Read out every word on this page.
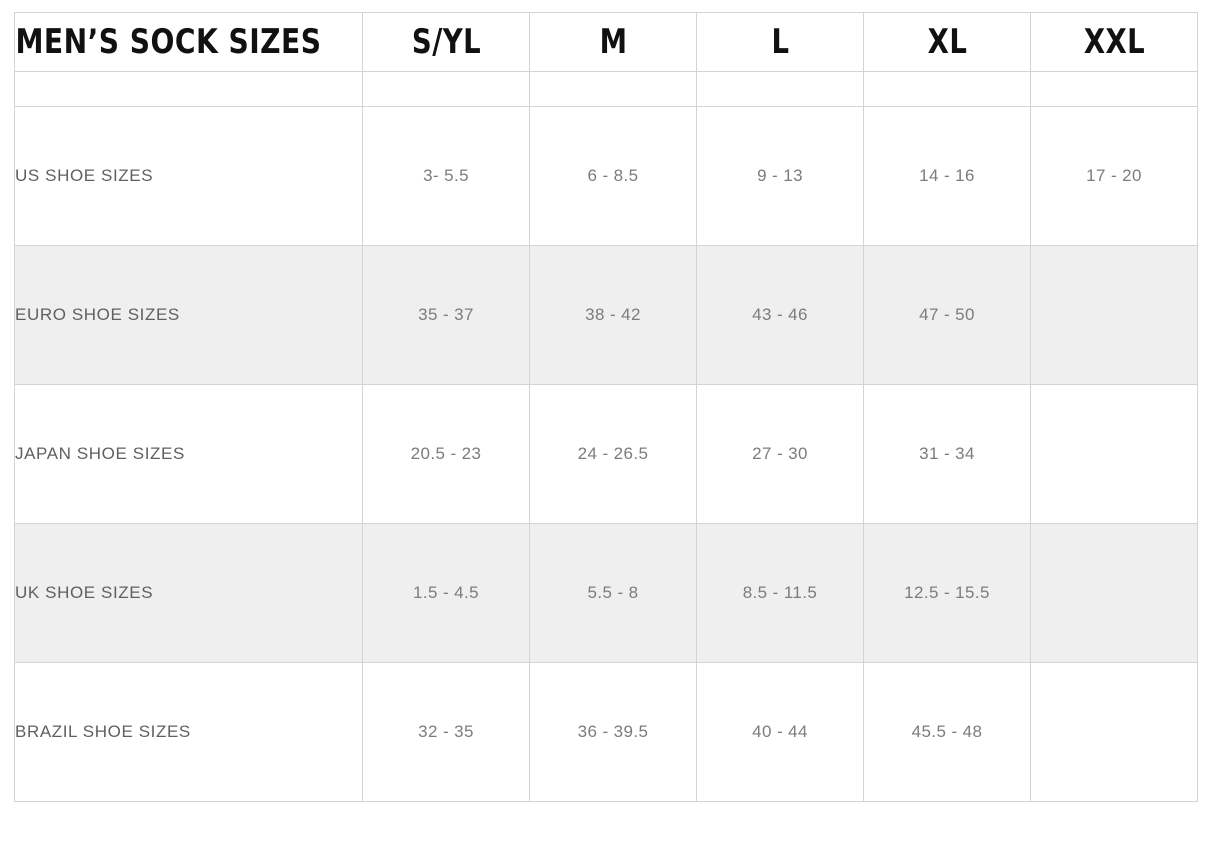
MEN’S SOCK SIZES	S/YL	M	L	XL	XXL

US SHOE SIZES	3- 5.5	6 - 8.5	9 - 13	14 - 16	17 - 20
EURO SHOE SIZES	35 - 37	38 - 42	43 - 46	47 - 50	
JAPAN SHOE SIZES	20.5 - 23	24 - 26.5	27 - 30	31 - 34	
UK SHOE SIZES	1.5 - 4.5	5.5 - 8	8.5 - 11.5	12.5 - 15.5	
BRAZIL SHOE SIZES	32 - 35	36 - 39.5	40 - 44	45.5 - 48	
